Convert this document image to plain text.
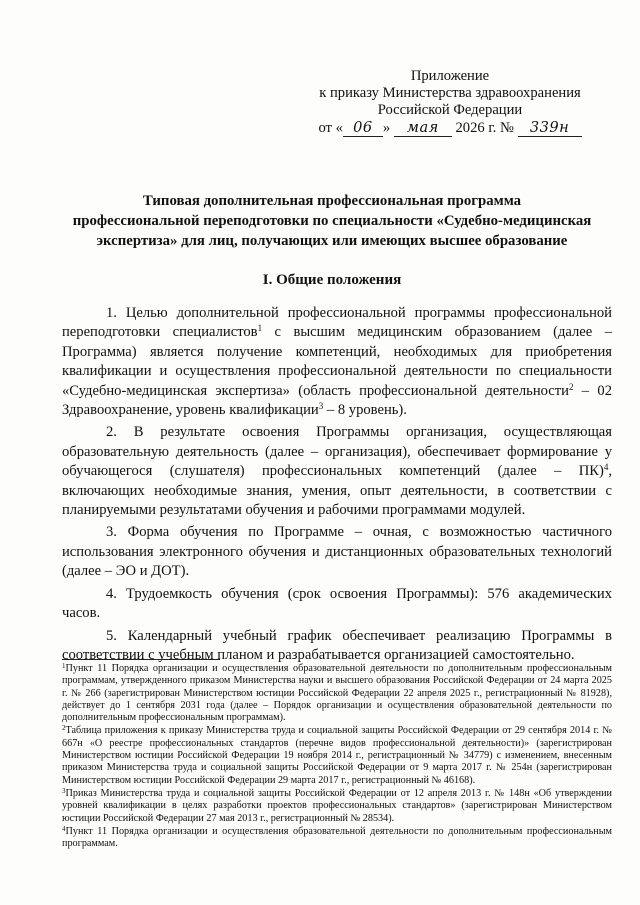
Приложение
к приказу Министерства здравоохранения
Российской Федерации
от « 06 » мая 2026 г. № 339н
Типовая дополнительная профессиональная программа
профессиональной переподготовки по специальности «Судебно-медицинская
экспертиза» для лиц, получающих или имеющих высшее образование
I. Общие положения

1. Целью дополнительной профессиональной программы профессиональной переподготовки специалистов$^1$ с высшим медицинским образованием (далее – Программа) является получение компетенций, необходимых для приобретения квалификации и осуществления профессиональной деятельности по специальности «Судебно-медицинская экспертиза» (область профессиональной деятельности$^2$ – 02 Здравоохранение, уровень квалификации$^3$ – 8 уровень).

2. В результате освоения Программы организация, осуществляющая образовательную деятельность (далее – организация), обеспечивает формирование у обучающегося (слушателя) профессиональных компетенций (далее – ПК)$^4$, включающих необходимые знания, умения, опыт деятельности, в соответствии с планируемыми результатами обучения и рабочими программами модулей.

3. Форма обучения по Программе – очная, с возможностью частичного использования электронного обучения и дистанционных образовательных технологий (далее – ЭО и ДОТ).

4. Трудоемкость обучения (срок освоения Программы): 576 академических часов.

5. Календарный учебный график обеспечивает реализацию Программы в соответствии с учебным планом и разрабатывается организацией самостоятельно.

$^1$Пункт 11 Порядка организации и осуществления образовательной деятельности по дополнительным профессиональным программам, утвержденного приказом Министерства науки и высшего образования Российской Федерации от 24 марта 2025 г. № 266 (зарегистрирован Министерством юстиции Российской Федерации 22 апреля 2025 г., регистрационный № 81928), действует до 1 сентября 2031 года (далее – Порядок организации и осуществления образовательной деятельности по дополнительным профессиональным программам).

$^2$Таблица приложения к приказу Министерства труда и социальной защиты Российской Федерации от 29 сентября 2014 г. № 667н «О реестре профессиональных стандартов (перечне видов профессиональной деятельности)» (зарегистрирован Министерством юстиции Российской Федерации 19 ноября 2014 г., регистрационный № 34779) с изменением, внесенным приказом Министерства труда и социальной защиты Российской Федерации от 9 марта 2017 г. № 254н (зарегистрирован Министерством юстиции Российской Федерации 29 марта 2017 г., регистрационный № 46168).

$^3$Приказ Министерства труда и социальной защиты Российской Федерации от 12 апреля 2013 г. № 148н «Об утверждении уровней квалификации в целях разработки проектов профессиональных стандартов» (зарегистрирован Министерством юстиции Российской Федерации 27 мая 2013 г., регистрационный № 28534).

$^4$Пункт 11 Порядка организации и осуществления образовательной деятельности по дополнительным профессиональным программам.
